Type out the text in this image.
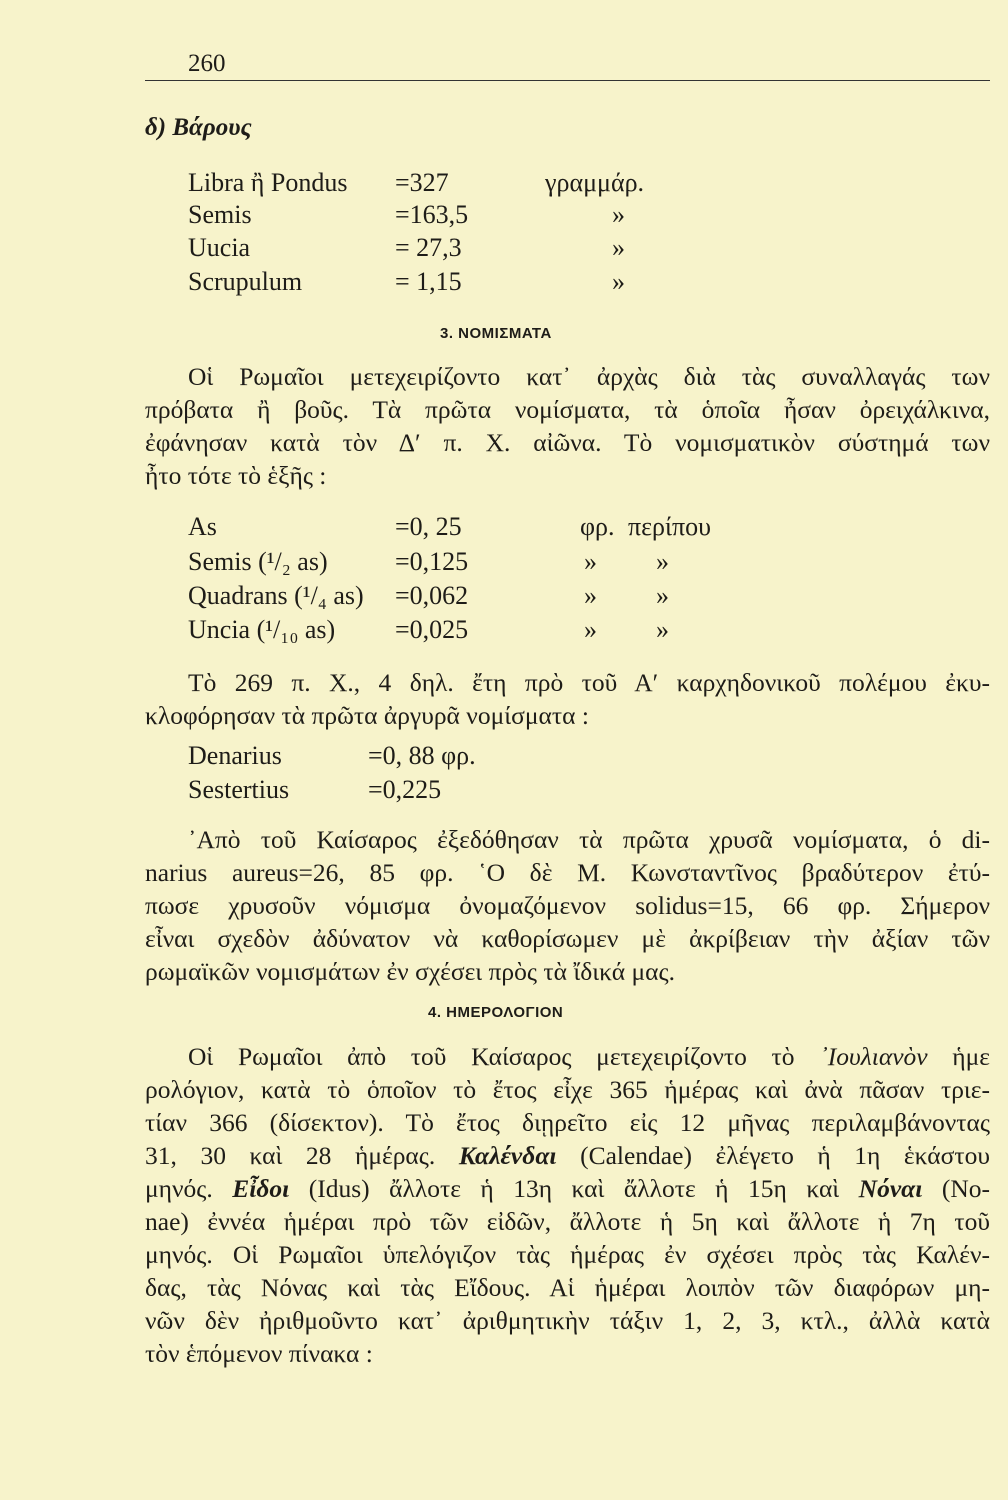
260
δ) Βάρους
Libra ἢ Pondus =327	γραμμάρ.
Semis	=163,5	»
Uucia	= 27,3	»
Scrupulum	= 1,15	»
3. ΝΟΜΙΣΜΑΤΑ
Οἱ Ρωμαῖοι μετεχειρίζοντο κατ᾽ ἀρχὰς διὰ τὰς συναλλαγάς των
πρόβατα ἢ βοῦς. Τὰ πρῶτα νομίσματα, τὰ ὁποῖα ἦσαν ὀρειχάλκινα,
ἐφάνησαν κατὰ τὸν Δ′ π. Χ. αἰῶνα. Τὸ νομισματικὸν σύστημά των
ἦτο τότε τὸ ἑξῆς :
As	=0, 25	φρ. περίπου
Semis (¹/₂ as)	=0,125	» »
Quadrans (¹/₄ as) =0,062	» »
Uncia (¹/₁₀ as) =0,025	» »
Τὸ 269 π. Χ., 4 δηλ. ἔτη πρὸ τοῦ Α′ καρχηδονικοῦ πολέμου ἐκυ-
κλοφόρησαν τὰ πρῶτα ἀργυρᾶ νομίσματα :
Denarius	=0, 88 φρ.
Sestertius	=0,225
᾽Απὸ τοῦ Καίσαρος ἐξεδόθησαν τὰ πρῶτα χρυσᾶ νομίσματα, ὁ di-
narius aureus=26, 85 φρ. ῾Ο δὲ Μ. Κωνσταντῖνος βραδύτερον ἐτύ-
πωσε χρυσοῦν νόμισμα ὀνομαζόμενον solidus=15, 66 φρ. Σήμερον
εἶναι σχεδὸν ἀδύνατον νὰ καθορίσωμεν μὲ ἀκρίβειαν τὴν ἀξίαν τῶν
ρωμαϊκῶν νομισμάτων ἐν σχέσει πρὸς τὰ ἴδικά μας.
4. ΗΜΕΡΟΛΟΓΙΟΝ
Οἱ Ρωμαῖοι ἀπὸ τοῦ Καίσαρος μετεχειρίζοντο τὸ ᾽Ιουλιανὸν ἡμε
ρολόγιον, κατὰ τὸ ὁποῖον τὸ ἔτος εἶχε 365 ἡμέρας καὶ ἀνὰ πᾶσαν τριε-
τίαν 366 (δίσεκτον). Τὸ ἔτος διῃρεῖτο εἰς 12 μῆνας περιλαμβάνοντας
31, 30 καὶ 28 ἡμέρας. Καλένδαι (Calendae) ἐλέγετο ἡ 1η ἑκάστου
μηνός. Εἶδοι (Idus) ἄλλοτε ἡ 13η καὶ ἄλλοτε ἡ 15η καὶ Νόναι (No-
nae) ἐννέα ἡμέραι πρὸ τῶν εἰδῶν, ἄλλοτε ἡ 5η καὶ ἄλλοτε ἡ 7η τοῦ
μηνός. Οἱ Ρωμαῖοι ὑπελόγιζον τὰς ἡμέρας ἐν σχέσει πρὸς τὰς Καλέν-
δας, τὰς Νόνας καὶ τὰς Εἴδους. Αἱ ἡμέραι λοιπὸν τῶν διαφόρων μη-
νῶν δὲν ἠριθμοῦντο κατ᾽ ἀριθμητικὴν τάξιν 1, 2, 3, κτλ., ἀλλὰ κατὰ
τὸν ἑπόμενον πίνακα :
